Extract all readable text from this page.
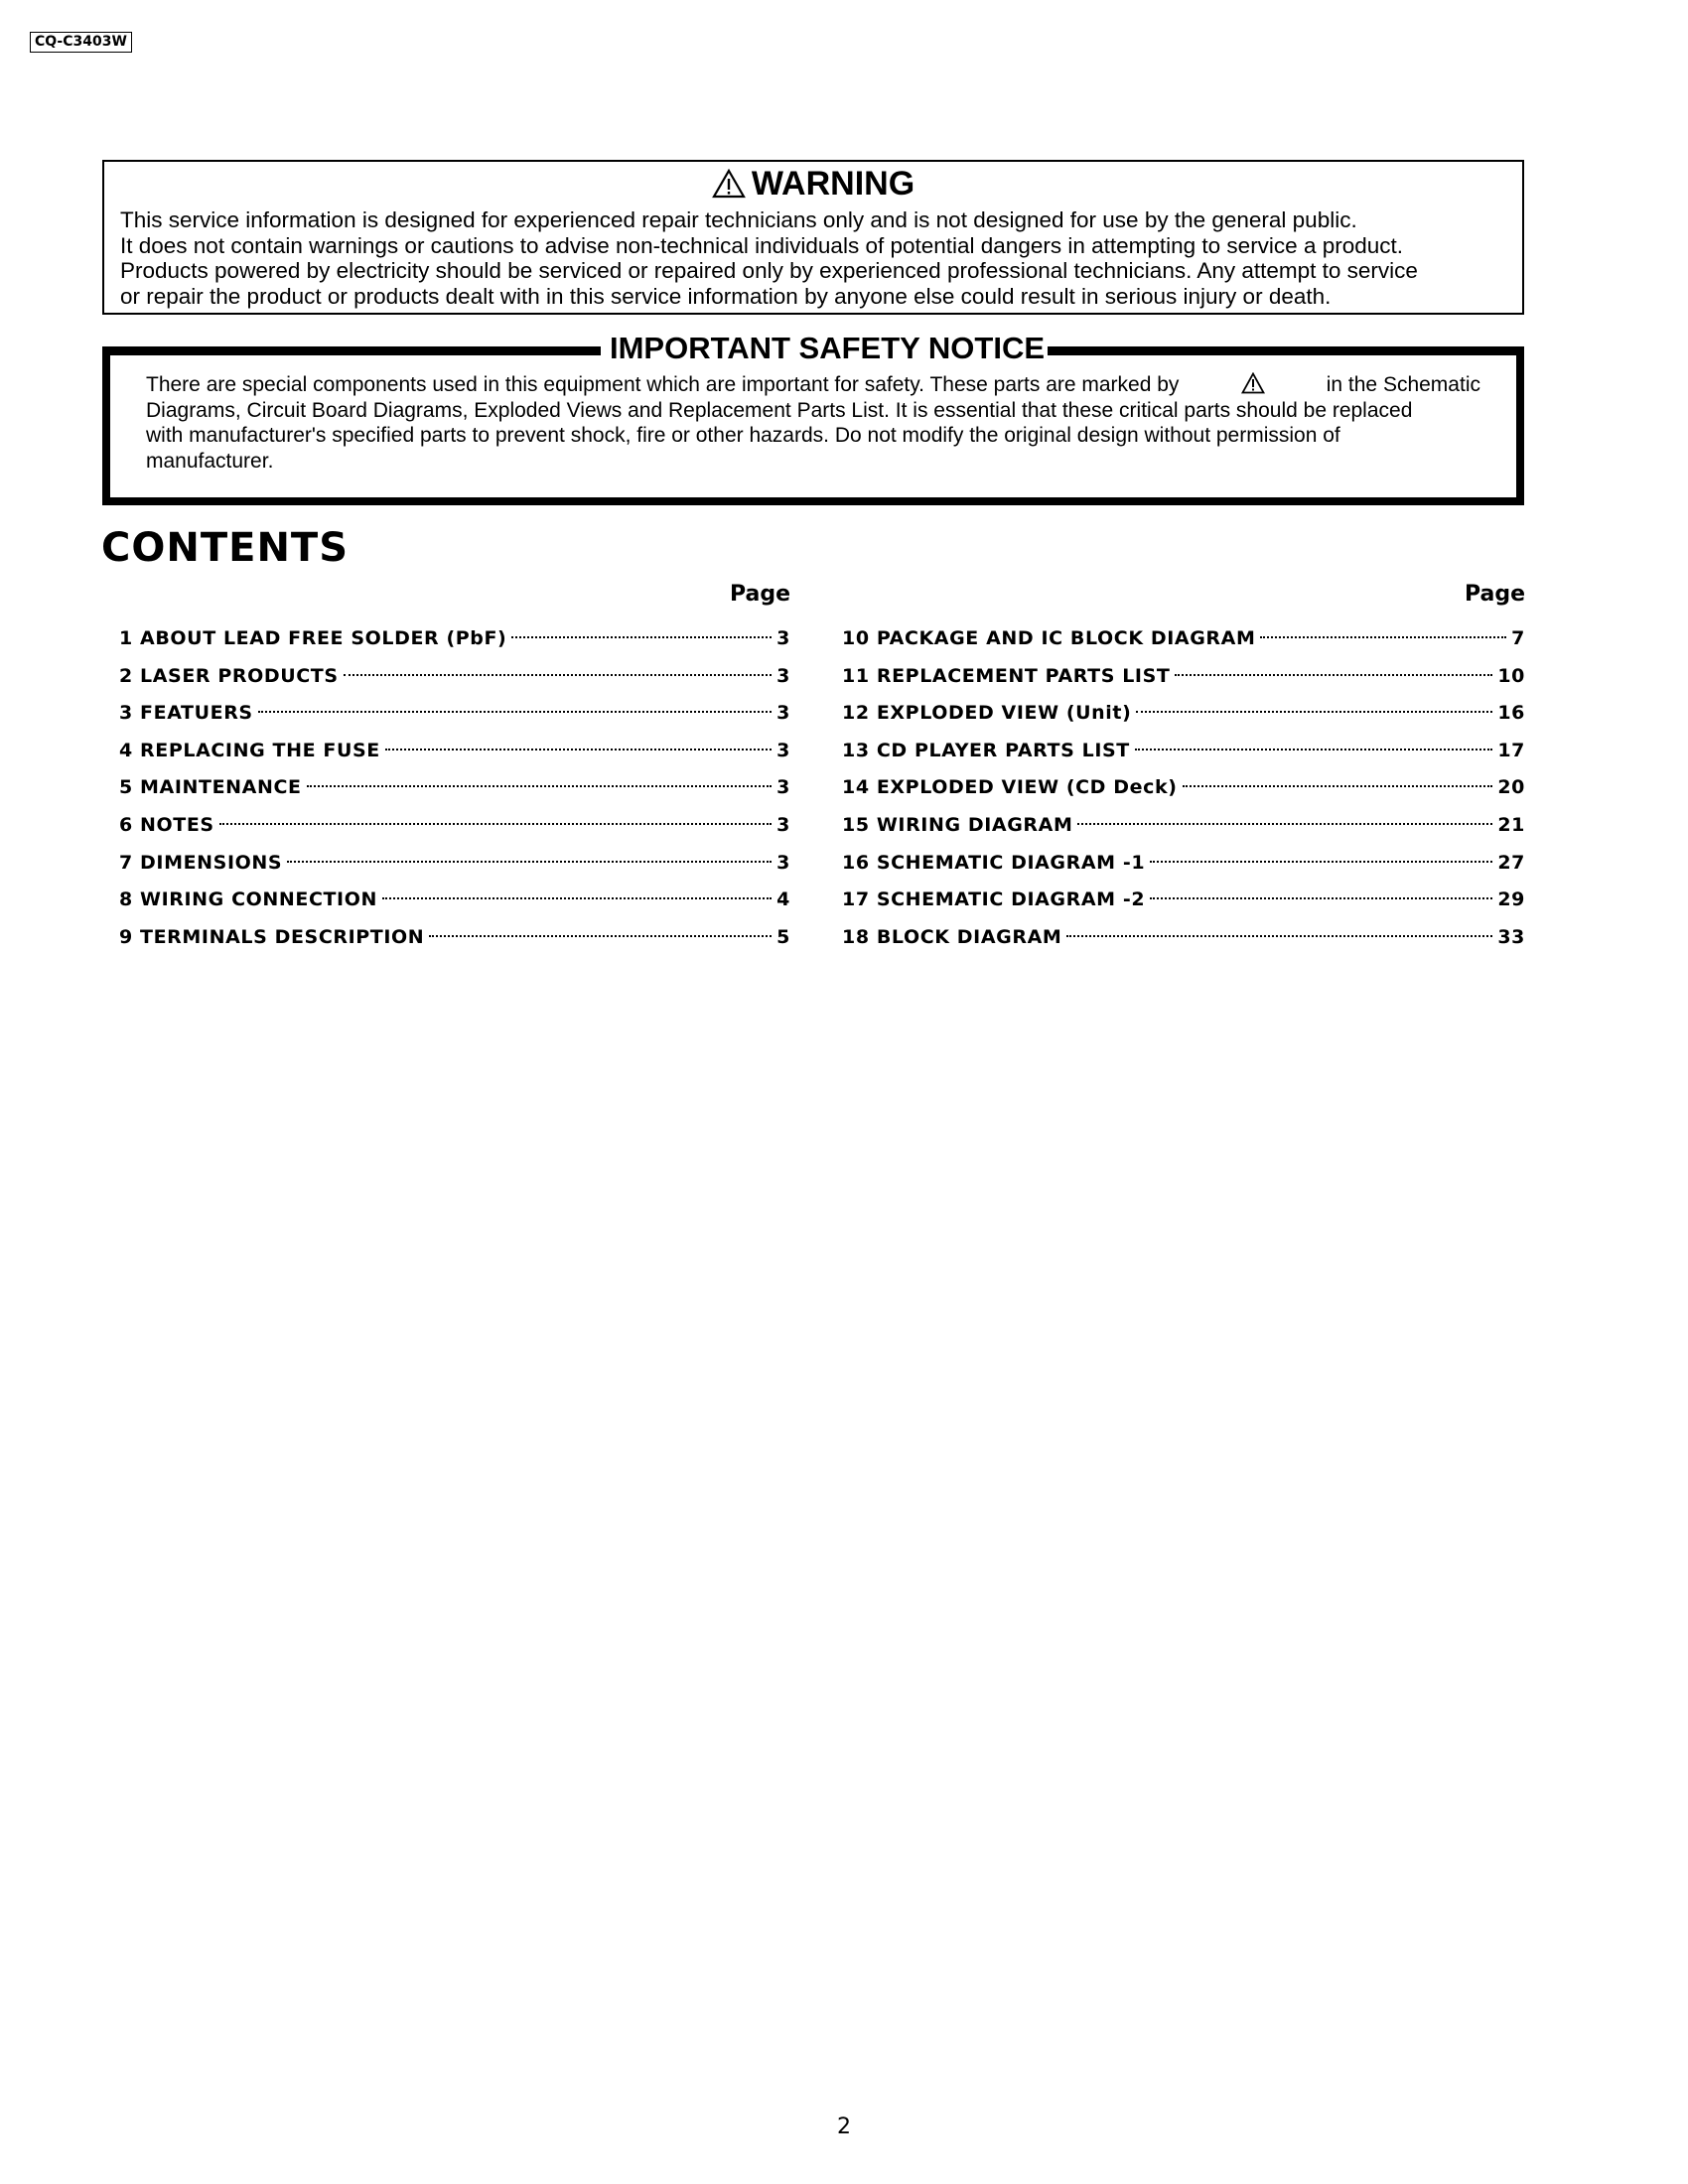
CQ-C3403W
WARNING
This service information is designed for experienced repair technicians only and is not designed for use by the general public.
It does not contain warnings or cautions to advise non-technical individuals of potential dangers in attempting to service a product.
Products powered by electricity should be serviced or repaired only by experienced professional technicians. Any attempt to service
or repair the product or products dealt with in this service information by anyone else could result in serious injury or death.
IMPORTANT SAFETY NOTICE
There are special components used in this equipment which are important for safety. These parts are marked by	in the Schematic
Diagrams, Circuit Board Diagrams, Exploded Views and Replacement Parts List. It is essential that these critical parts should be replaced
with manufacturer's specified parts to prevent shock, fire or other hazards. Do not modify the original design without permission of
manufacturer.
CONTENTS
Page
1 ABOUT LEAD FREE SOLDER (PbF)	3
2 LASER PRODUCTS	3
3 FEATUERS	3
4 REPLACING THE FUSE	3
5 MAINTENANCE	3
6 NOTES	3
7 DIMENSIONS	3
8 WIRING CONNECTION	4
9 TERMINALS DESCRIPTION	5
Page
10 PACKAGE AND IC BLOCK DIAGRAM	7
11 REPLACEMENT PARTS LIST	10
12 EXPLODED VIEW (Unit)	16
13 CD PLAYER PARTS LIST	17
14 EXPLODED VIEW (CD Deck)	20
15 WIRING DIAGRAM	21
16 SCHEMATIC DIAGRAM -1	27
17 SCHEMATIC DIAGRAM -2	29
18 BLOCK DIAGRAM	33
2
